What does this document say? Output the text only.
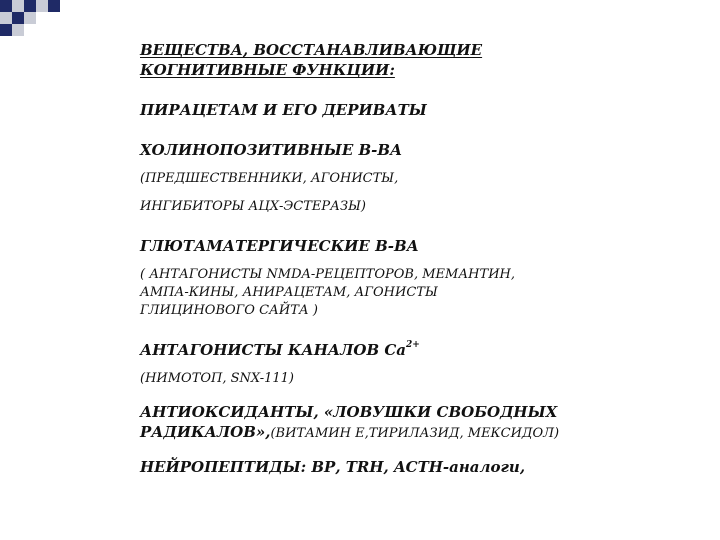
ВЕЩЕСТВА, ВОССТАНАВЛИВАЮЩИЕ

КОГНИТИВНЫЕ ФУНКЦИИ:

ПИРАЦЕТАМ И ЕГО ДЕРИВАТЫ

ХОЛИНОПОЗИТИВНЫЕ В-ВА

(ПРЕДШЕСТВЕННИКИ, АГОНИСТЫ,

ИНГИБИТОРЫ АЦХ-ЭСТЕРАЗЫ)

ГЛЮТАМАТЕРГИЧЕСКИЕ В-ВА

( АНТАГОНИСТЫ NMDA-РЕЦЕПТОРОВ, МЕМАНТИН,

АМПА-КИНЫ, АНИРАЦЕТАМ, АГОНИСТЫ

ГЛИЦИНОВОГО САЙТА )

АНТАГОНИСТЫ КАНАЛОВ $Са^{2+}$

(НИМОТОП, SNX-111)

АНТИОКСИДАНТЫ, «ЛОВУШКИ СВОБОДНЫХ

РАДИКАЛОВ»,(ВИТАМИН Е,ТИРИЛАЗИД, МЕКСИДОЛ)

НЕЙРОПЕПТИДЫ: ВР, TRH, ACTH-аналоги,
